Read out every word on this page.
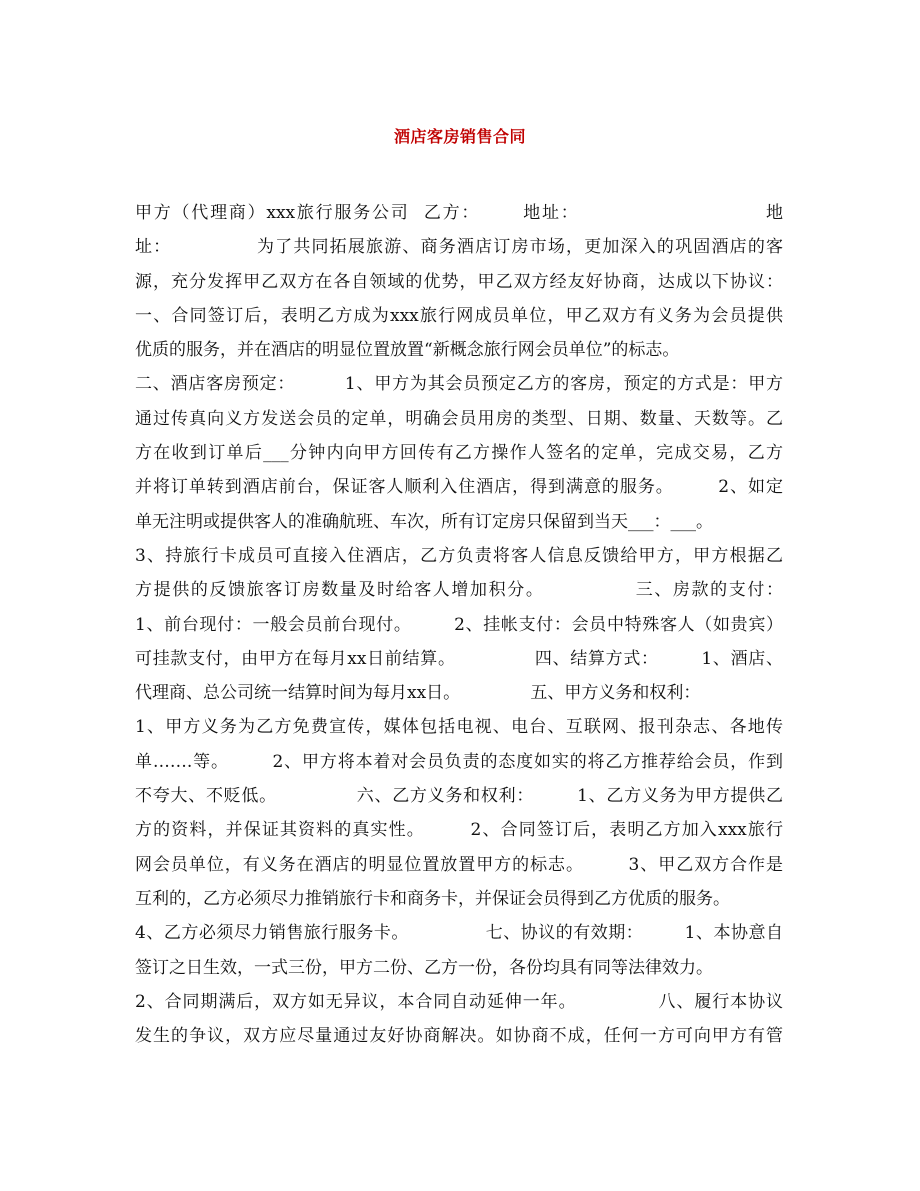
酒店客房销售合同
甲方（代理商）xxx旅行服务公司  乙方：      地址：                          地
址：             为了共同拓展旅游、商务酒店订房市场，更加深入的巩固酒店的客
源，充分发挥甲乙双方在各自领域的优势，甲乙双方经友好协商，达成以下协议：
一、合同签订后，表明乙方成为xxx旅行网成员单位，甲乙双方有义务为会员提供
优质的服务，并在酒店的明显位置放置“新概念旅行网会员单位”的标志。
二、酒店客房预定：        1、甲方为其会员预定乙方的客房，预定的方式是：甲方
通过传真向义方发送会员的定单，明确会员用房的类型、日期、数量、天数等。乙
方在收到订单后___分钟内向甲方回传有乙方操作人签名的定单，完成交易，乙方
并将订单转到酒店前台，保证客人顺利入住酒店，得到满意的服务。       2、如定
单无注明或提供客人的准确航班、车次，所有订定房只保留到当天___：___。
3、持旅行卡成员可直接入住酒店，乙方负责将客人信息反馈给甲方，甲方根据乙
方提供的反馈旅客订房数量及时给客人增加积分。             三、房款的支付：
1、前台现付：一般会员前台现付。       2、挂帐支付：会员中特殊客人（如贵宾）
可挂款支付，由甲方在每月xx日前结算。             四、结算方式：       1、酒店、
代理商、总公司统一结算时间为每月xx日。             五、甲方义务和权利：
1、甲方义务为乙方免费宣传，媒体包括电视、电台、互联网、报刊杂志、各地传
单…….等。       2、甲方将本着对会员负责的态度如实的将乙方推荐给会员，作到
不夸大、不贬低。             六、乙方义务和权利：       1、乙方义务为甲方提供乙
方的资料，并保证其资料的真实性。       2、合同签订后，表明乙方加入xxx旅行
网会员单位，有义务在酒店的明显位置放置甲方的标志。       3、甲乙双方合作是
互利的，乙方必须尽力推销旅行卡和商务卡，并保证会员得到乙方优质的服务。
4、乙方必须尽力销售旅行服务卡。             七、协议的有效期：       1、本协意自
签订之日生效，一式三份，甲方二份、乙方一份，各份均具有同等法律效力。
2、合同期满后，双方如无异议，本合同自动延伸一年。             八、履行本协议
发生的争议，双方应尽量通过友好协商解决。如协商不成，任何一方可向甲方有管
